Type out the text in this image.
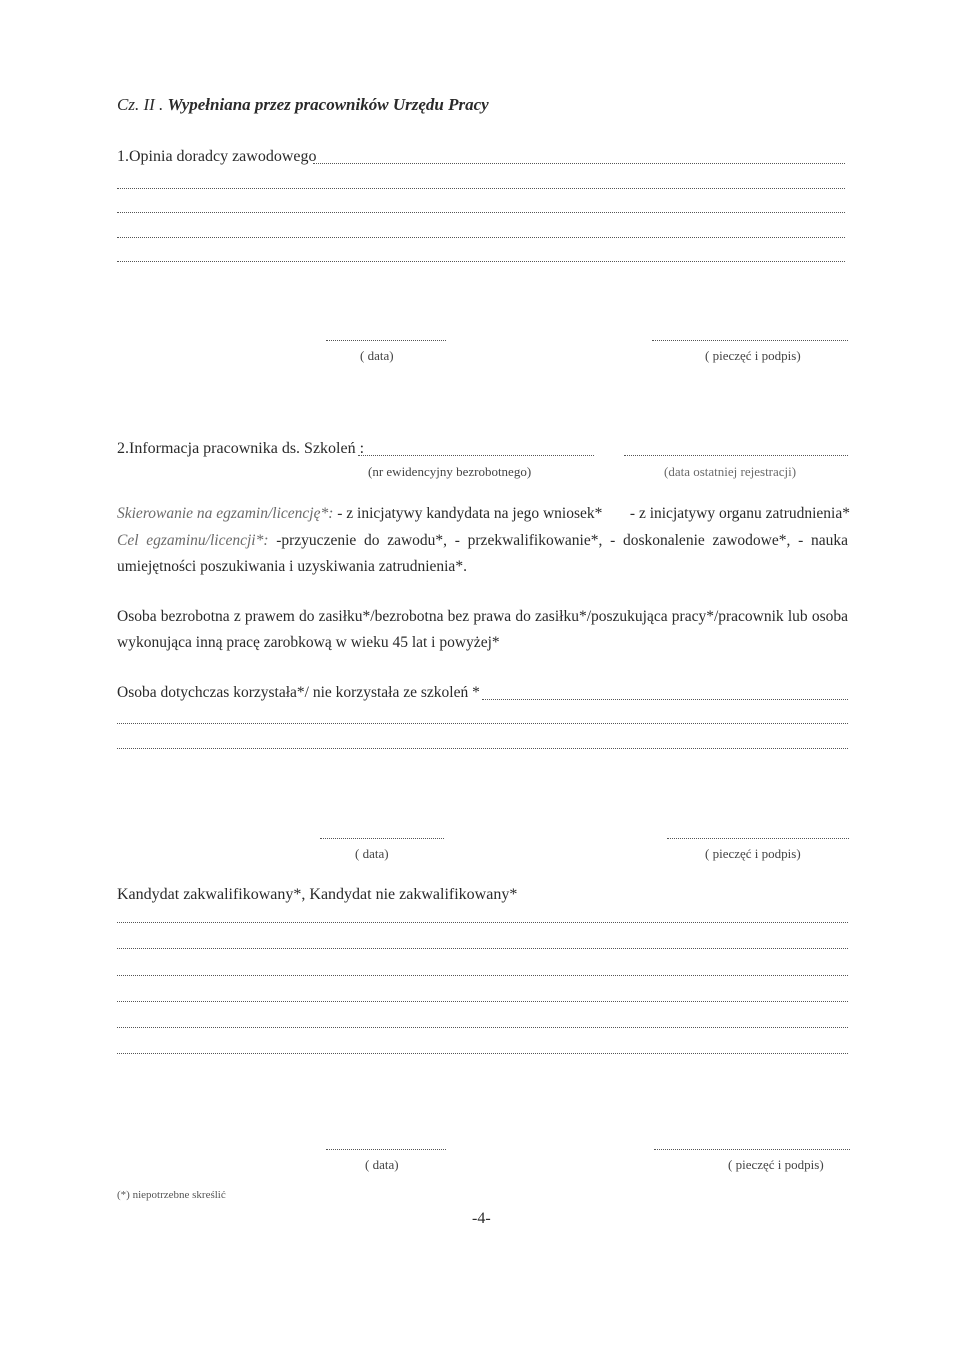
Cz. II . Wypełniana przez pracowników Urzędu Pracy
1.Opinia doradcy zawodowego
( data)	( pieczęć i podpis)
2.Informacja pracownika ds. Szkoleń :
(nr ewidencyjny bezrobotnego)	(data ostatniej rejestracji)
Skierowanie na egzamin/licencję*: - z inicjatywy kandydata na jego wniosek* - z inicjatywy organu zatrudnienia*
Cel egzaminu/licencji*: -przyuczenie do zawodu*, - przekwalifikowanie*, - doskonalenie zawodowe*, - nauka umiejętności poszukiwania i uzyskiwania zatrudnienia*.
Osoba bezrobotna z prawem do zasiłku*/bezrobotna bez prawa do zasiłku*/poszukująca pracy*/pracownik lub osoba wykonująca inną pracę zarobkową w wieku 45 lat i powyżej*
Osoba dotychczas korzystała*/ nie korzystała ze szkoleń *
( data)	( pieczęć i podpis)
Kandydat zakwalifikowany*, Kandydat nie zakwalifikowany*
( data)	( pieczęć i podpis)
(*) niepotrzebne skreślić
-4-
